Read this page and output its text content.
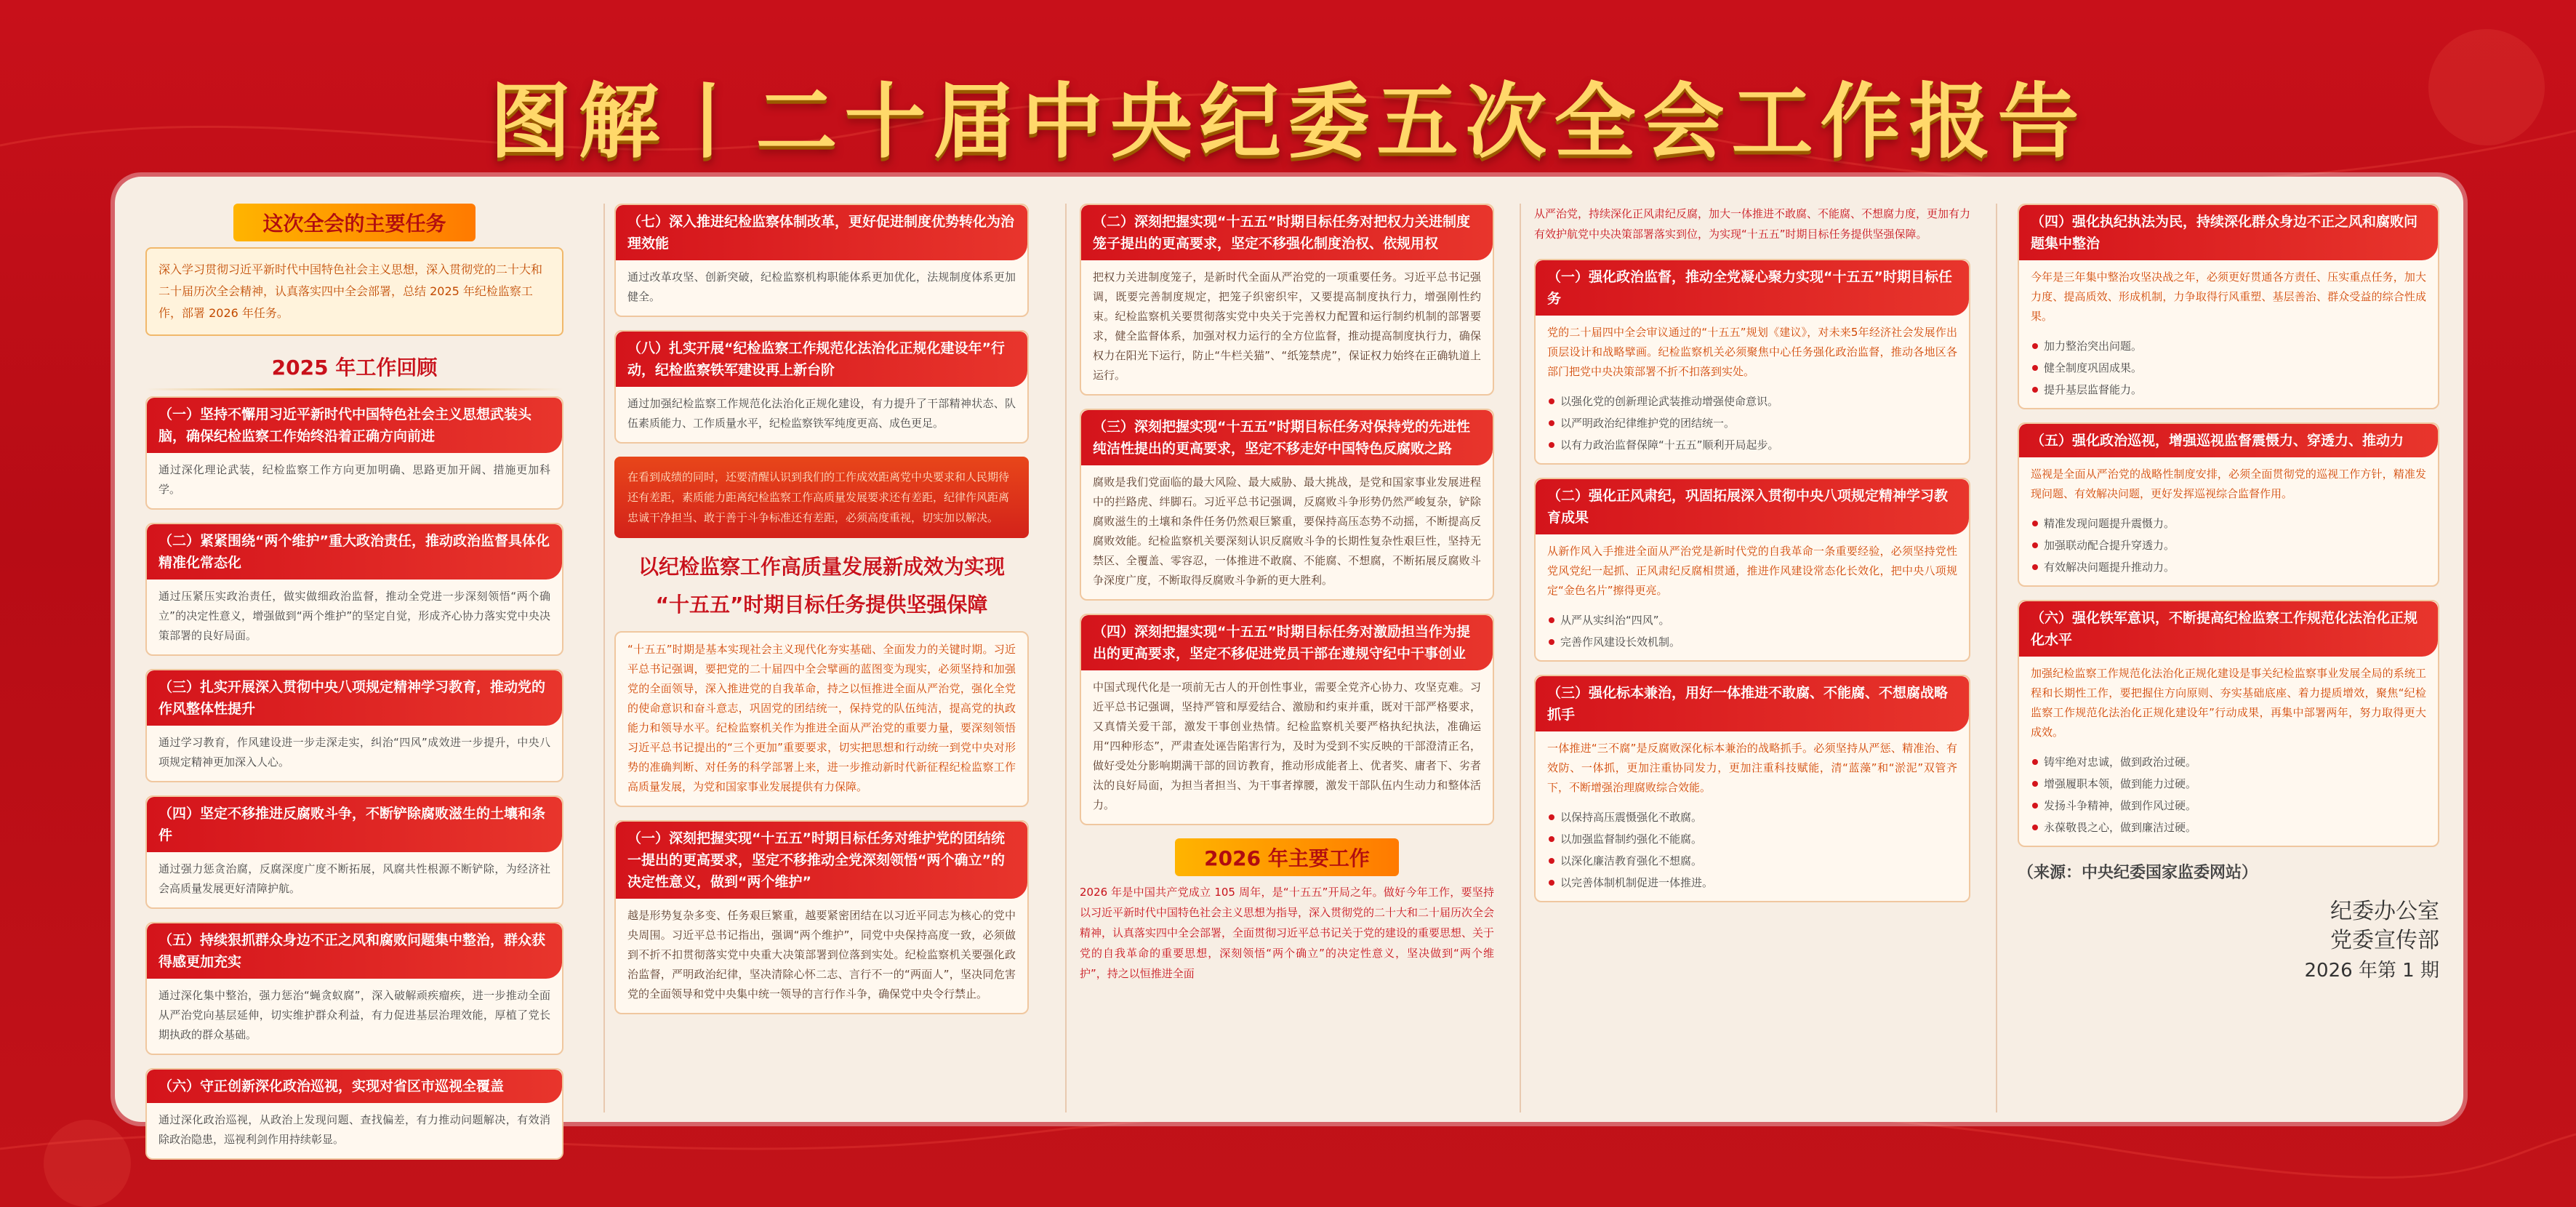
图解丨二十届中央纪委五次全会工作报告
这次全会的主要任务
深入学习贯彻习近平新时代中国特色社会主义思想，深入贯彻党的二十大和二十届历次全会精神，认真落实四中全会部署，总结 2025 年纪检监察工作，部署 2026 年任务。
2025 年工作回顾
（一）坚持不懈用习近平新时代中国特色社会主义思想武装头脑，确保纪检监察工作始终沿着正确方向前进
通过深化理论武装，纪检监察工作方向更加明确、思路更加开阔、措施更加科学。
（二）紧紧围绕“两个维护”重大政治责任，推动政治监督具体化精准化常态化
通过压紧压实政治责任，做实做细政治监督，推动全党进一步深刻领悟“两个确立”的决定性意义，增强做到“两个维护”的坚定自觉，形成齐心协力落实党中央决策部署的良好局面。
（三）扎实开展深入贯彻中央八项规定精神学习教育，推动党的作风整体性提升
通过学习教育，作风建设进一步走深走实，纠治“四风”成效进一步提升，中央八项规定精神更加深入人心。
（四）坚定不移推进反腐败斗争，不断铲除腐败滋生的土壤和条件
通过强力惩贪治腐，反腐深度广度不断拓展，风腐共性根源不断铲除，为经济社会高质量发展更好清障护航。
（五）持续狠抓群众身边不正之风和腐败问题集中整治，群众获得感更加充实
通过深化集中整治，强力惩治“蝇贪蚁腐”，深入破解顽疾瘤疾，进一步推动全面从严治党向基层延伸，切实维护群众利益，有力促进基层治理效能，厚植了党长期执政的群众基础。
（六）守正创新深化政治巡视，实现对省区市巡视全覆盖
通过深化政治巡视，从政治上发现问题、查找偏差，有力推动问题解决，有效消除政治隐患，巡视利剑作用持续彰显。
（七）深入推进纪检监察体制改革，更好促进制度优势转化为治理效能
通过改革攻坚、创新突破，纪检监察机构职能体系更加优化，法规制度体系更加健全。
（八）扎实开展“纪检监察工作规范化法治化正规化建设年”行动，纪检监察铁军建设再上新台阶
通过加强纪检监察工作规范化法治化正规化建设，有力提升了干部精神状态、队伍素质能力、工作质量水平，纪检监察铁军纯度更高、成色更足。
在看到成绩的同时，还要清醒认识到我们的工作成效距离党中央要求和人民期待还有差距，素质能力距离纪检监察工作高质量发展要求还有差距，纪律作风距离忠诚干净担当、敢于善于斗争标准还有差距，必须高度重视，切实加以解决。
以纪检监察工作高质量发展新成效为实现
“十五五”时期目标任务提供坚强保障
“十五五”时期是基本实现社会主义现代化夯实基础、全面发力的关键时期。习近平总书记强调，要把党的二十届四中全会擘画的蓝图变为现实，必须坚持和加强党的全面领导，深入推进党的自我革命，持之以恒推进全面从严治党，强化全党的使命意识和奋斗意志，巩固党的团结统一，保持党的队伍纯洁，提高党的执政能力和领导水平。纪检监察机关作为推进全面从严治党的重要力量，要深刻领悟习近平总书记提出的“三个更加”重要要求，切实把思想和行动统一到党中央对形势的准确判断、对任务的科学部署上来，进一步推动新时代新征程纪检监察工作高质量发展，为党和国家事业发展提供有力保障。
（一）深刻把握实现“十五五”时期目标任务对维护党的团结统一提出的更高要求，坚定不移推动全党深刻领悟“两个确立”的决定性意义，做到“两个维护”
越是形势复杂多变、任务艰巨繁重，越要紧密团结在以习近平同志为核心的党中央周围。习近平总书记指出，强调“两个维护”，同党中央保持高度一致，必须做到不折不扣贯彻落实党中央重大决策部署到位落到实处。纪检监察机关要强化政治监督，严明政治纪律，坚决清除心怀二志、言行不一的“两面人”，坚决同危害党的全面领导和党中央集中统一领导的言行作斗争，确保党中央令行禁止。
（二）深刻把握实现“十五五”时期目标任务对把权力关进制度笼子提出的更高要求，坚定不移强化制度治权、依规用权
把权力关进制度笼子，是新时代全面从严治党的一项重要任务。习近平总书记强调，既要完善制度规定，把笼子织密织牢，又要提高制度执行力，增强刚性约束。纪检监察机关要贯彻落实党中央关于完善权力配置和运行制约机制的部署要求，健全监督体系，加强对权力运行的全方位监督，推动提高制度执行力，确保权力在阳光下运行，防止“牛栏关猫”、“纸笼禁虎”，保证权力始终在正确轨道上运行。
（三）深刻把握实现“十五五”时期目标任务对保持党的先进性纯洁性提出的更高要求，坚定不移走好中国特色反腐败之路
腐败是我们党面临的最大风险、最大威胁、最大挑战，是党和国家事业发展进程中的拦路虎、绊脚石。习近平总书记强调，反腐败斗争形势仍然严峻复杂，铲除腐败滋生的土壤和条件任务仍然艰巨繁重，要保持高压态势不动摇，不断提高反腐败效能。纪检监察机关要深刻认识反腐败斗争的长期性复杂性艰巨性，坚持无禁区、全覆盖、零容忍，一体推进不敢腐、不能腐、不想腐，不断拓展反腐败斗争深度广度，不断取得反腐败斗争新的更大胜利。
（四）深刻把握实现“十五五”时期目标任务对激励担当作为提出的更高要求，坚定不移促进党员干部在遵规守纪中干事创业
中国式现代化是一项前无古人的开创性事业，需要全党齐心协力、攻坚克难。习近平总书记强调，坚持严管和厚爱结合、激励和约束并重，既对干部严格要求，又真情关爱干部，激发干事创业热情。纪检监察机关要严格执纪执法，准确运用“四种形态”，严肃查处诬告陷害行为，及时为受到不实反映的干部澄清正名，做好受处分影响期满干部的回访教育，推动形成能者上、优者奖、庸者下、劣者汰的良好局面，为担当者担当、为干事者撑腰，激发干部队伍内生动力和整体活力。
2026 年主要工作
2026 年是中国共产党成立 105 周年，是“十五五”开局之年。做好今年工作，要坚持以习近平新时代中国特色社会主义思想为指导，深入贯彻党的二十大和二十届历次全会精神，认真落实四中全会部署，全面贯彻习近平总书记关于党的建设的重要思想、关于党的自我革命的重要思想，深刻领悟“两个确立”的决定性意义，坚决做到“两个维护”，持之以恒推进全面
从严治党，持续深化正风肃纪反腐，加大一体推进不敢腐、不能腐、不想腐力度，更加有力有效护航党中央决策部署落实到位，为实现“十五五”时期目标任务提供坚强保障。
（一）强化政治监督，推动全党凝心聚力实现“十五五”时期目标任务
党的二十届四中全会审议通过的“十五五”规划《建议》，对未来5年经济社会发展作出顶层设计和战略擘画。纪检监察机关必须聚焦中心任务强化政治监督，推动各地区各部门把党中央决策部署不折不扣落到实处。
以强化党的创新理论武装推动增强使命意识。
以严明政治纪律维护党的团结统一。
以有力政治监督保障“十五五”顺利开局起步。
（二）强化正风肃纪，巩固拓展深入贯彻中央八项规定精神学习教育成果
从新作风入手推进全面从严治党是新时代党的自我革命一条重要经验，必须坚持党性党风党纪一起抓、正风肃纪反腐相贯通，推进作风建设常态化长效化，把中央八项规定“金色名片”擦得更亮。
从严从实纠治“四风”。
完善作风建设长效机制。
（三）强化标本兼治，用好一体推进不敢腐、不能腐、不想腐战略抓手
一体推进“三不腐”是反腐败深化标本兼治的战略抓手。必须坚持从严惩、精准治、有效防、一体抓，更加注重协同发力，更加注重科技赋能，清“蓝藻”和“淤泥”双管齐下，不断增强治理腐败综合效能。
以保持高压震慑强化不敢腐。
以加强监督制约强化不能腐。
以深化廉洁教育强化不想腐。
以完善体制机制促进一体推进。
（四）强化执纪执法为民，持续深化群众身边不正之风和腐败问题集中整治
今年是三年集中整治攻坚决战之年，必须更好贯通各方责任、压实重点任务，加大力度、提高质效、形成机制，力争取得行风重塑、基层善治、群众受益的综合性成果。
加力整治突出问题。
健全制度巩固成果。
提升基层监督能力。
（五）强化政治巡视，增强巡视监督震慑力、穿透力、推动力
巡视是全面从严治党的战略性制度安排，必须全面贯彻党的巡视工作方针，精准发现问题、有效解决问题，更好发挥巡视综合监督作用。
精准发现问题提升震慑力。
加强联动配合提升穿透力。
有效解决问题提升推动力。
（六）强化铁军意识，不断提高纪检监察工作规范化法治化正规化水平
加强纪检监察工作规范化法治化正规化建设是事关纪检监察事业发展全局的系统工程和长期性工作，要把握住方向原则、夯实基础底座、着力提质增效，聚焦“纪检监察工作规范化法治化正规化建设年”行动成果，再集中部署两年，努力取得更大成效。
铸牢绝对忠诚，做到政治过硬。
增强履职本领，做到能力过硬。
发扬斗争精神，做到作风过硬。
永葆敬畏之心，做到廉洁过硬。
（来源：中央纪委国家监委网站）
纪委办公室
党委宣传部
2026 年第 1 期
